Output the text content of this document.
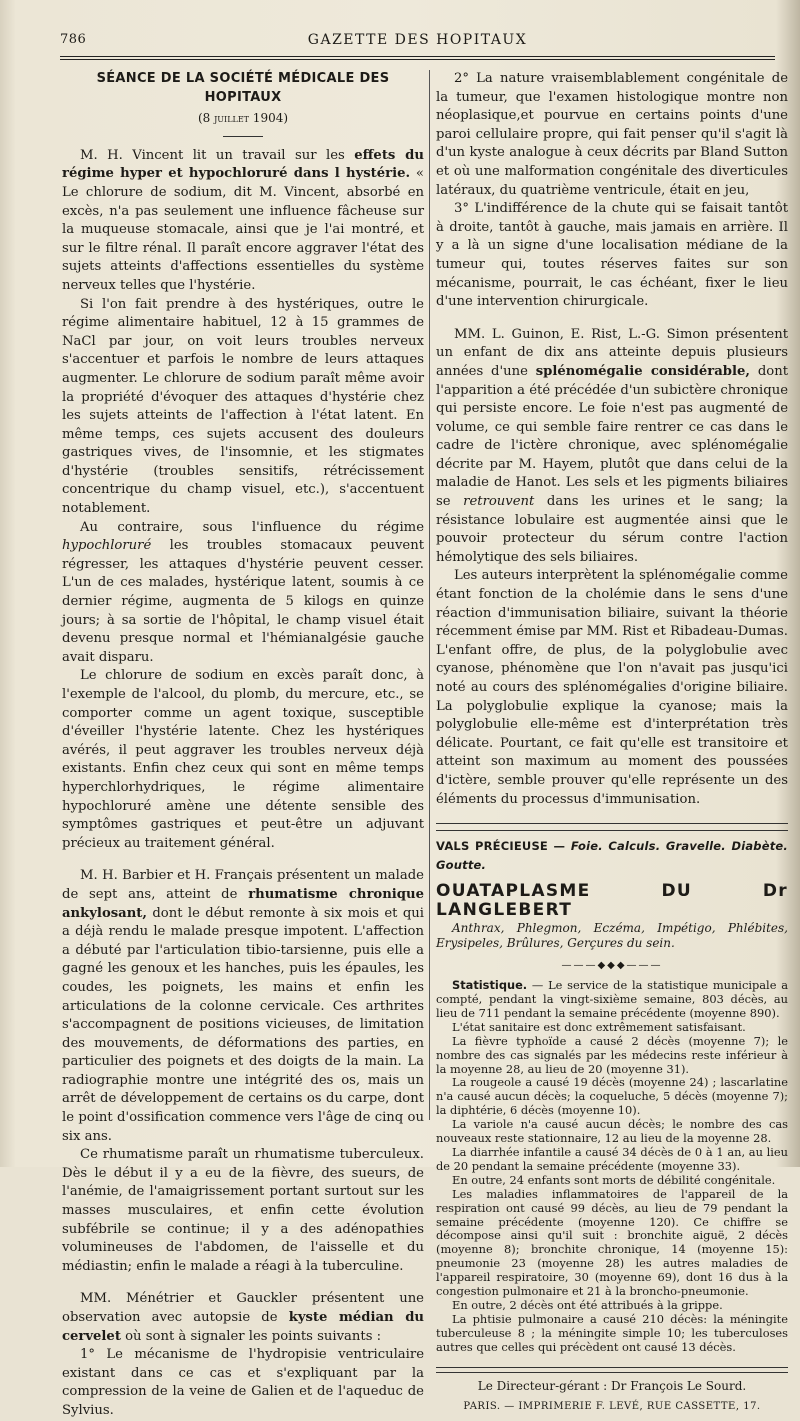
786	GAZETTE DES HOPITAUX
SÉANCE DE LA SOCIÉTÉ MÉDICALE DES HOPITAUX
(8 juillet 1904)

M. H. Vincent lit un travail sur les effets du régime hyper et hypochloruré dans l hystérie. « Le chlorure de sodium, dit M. Vincent, absorbé en excès, n'a pas seulement une influence fâcheuse sur la muqueuse stomacale, ainsi que je l'ai montré, et sur le filtre rénal. Il paraît encore aggraver l'état des sujets atteints d'affections essentielles du système nerveux telles que l'hystérie.

Si l'on fait prendre à des hystériques, outre le régime alimentaire habituel, 12 à 15 grammes de NaCl par jour, on voit leurs troubles nerveux s'accentuer et parfois le nombre de leurs attaques augmenter. Le chlorure de sodium paraît même avoir la propriété d'évoquer des attaques d'hystérie chez les sujets atteints de l'affection à l'état latent. En même temps, ces sujets accusent des douleurs gastriques vives, de l'insomnie, et les stigmates d'hystérie (troubles sensitifs, rétrécissement concentrique du champ visuel, etc.), s'accentuent notablement.

Au contraire, sous l'influence du régime hypochloruré les troubles stomacaux peuvent régresser, les attaques d'hystérie peuvent cesser. L'un de ces malades, hystérique latent, soumis à ce dernier régime, augmenta de 5 kilogs en quinze jours; à sa sortie de l'hôpital, le champ visuel était devenu presque normal et l'hémianalgésie gauche avait disparu.

Le chlorure de sodium en excès paraît donc, à l'exemple de l'alcool, du plomb, du mercure, etc., se comporter comme un agent toxique, susceptible d'éveiller l'hystérie latente. Chez les hystériques avérés, il peut aggraver les troubles nerveux déjà existants. Enfin chez ceux qui sont en même temps hyperchlorhydriques, le régime alimentaire hypochloruré amène une détente sensible des symptômes gastriques et peut-être un adjuvant précieux au traitement général.

M. H. Barbier et H. Français présentent un malade de sept ans, atteint de rhumatisme chronique ankylosant, dont le début remonte à six mois et qui a déjà rendu le malade presque impotent. L'affection a débuté par l'articulation tibio-tarsienne, puis elle a gagné les genoux et les hanches, puis les épaules, les coudes, les poignets, les mains et enfin les articulations de la colonne cervicale. Ces arthrites s'accompagnent de positions vicieuses, de limitation des mouvements, de déformations des parties, en particulier des poignets et des doigts de la main. La radiographie montre une intégrité des os, mais un arrêt de développement de certains os du carpe, dont le point d'ossification commence vers l'âge de cinq ou six ans.

Ce rhumatisme paraît un rhumatisme tuberculeux. Dès le début il y a eu de la fièvre, des sueurs, de l'anémie, de l'amaigrissement portant surtout sur les masses musculaires, et enfin cette évolution subfébrile se continue; il y a des adénopathies volumineuses de l'abdomen, de l'aisselle et du médiastin; enfin le malade a réagi à la tuberculine.

MM. Ménétrier et Gauckler présentent une observation avec autopsie de kyste médian du cervelet où sont à signaler les points suivants :

1° Le mécanisme de l'hydropisie ventriculaire existant dans ce cas et s'expliquant par la compression de la veine de Galien et de l'aqueduc de Sylvius.

2° La nature vraisemblablement congénitale de la tumeur, que l'examen histologique montre non néoplasique,et pourvue en certains points d'une paroi cellulaire propre, qui fait penser qu'il s'agit là d'un kyste analogue à ceux décrits par Bland Sutton et où une malformation congénitale des diverticules latéraux, du quatrième ventricule, était en jeu,

3° L'indifférence de la chute qui se faisait tantôt à droite, tantôt à gauche, mais jamais en arrière. Il y a là un signe d'une localisation médiane de la tumeur qui, toutes réserves faites sur son mécanisme, pourrait, le cas échéant, fixer le lieu d'une intervention chirurgicale.

MM. L. Guinon, E. Rist, L.-G. Simon présentent un enfant de dix ans atteinte depuis plusieurs années d'une splénomégalie considérable, dont l'apparition a été précédée d'un subictère chronique qui persiste encore. Le foie n'est pas augmenté de volume, ce qui semble faire rentrer ce cas dans le cadre de l'ictère chronique, avec splénomégalie décrite par M. Hayem, plutôt que dans celui de la maladie de Hanot. Les sels et les pigments biliaires se retrouvent dans les urines et le sang; la résistance lobulaire est augmentée ainsi que le pouvoir protecteur du sérum contre l'action hémolytique des sels biliaires.

Les auteurs interprètent la splénomégalie comme étant fonction de la cholémie dans le sens d'une réaction d'immunisation biliaire, suivant la théorie récemment émise par MM. Rist et Ribadeau-Dumas. L'enfant offre, de plus, de la polyglobulie avec cyanose, phénomène que l'on n'avait pas jusqu'ici noté au cours des splénomégalies d'origine biliaire. La polyglobulie explique la cyanose; mais la polyglobulie elle-même est d'interprétation très délicate. Pourtant, ce fait qu'elle est transitoire et atteint son maximum au moment des poussées d'ictère, semble prouver qu'elle représente un des éléments du processus d'immunisation.

VALS PRÉCIEUSE — Foie. Calculs. Gravelle. Diabète. Goutte.
OUATAPLASME DU Dr LANGLEBERT
Anthrax, Phlegmon, Eczéma, Impétigo, Phlébites, Erysipeles, Brûlures, Gerçures du sein.
———◆◆◆———

Statistique. — Le service de la statistique municipale a compté, pendant la vingt-sixième semaine, 803 décès, au lieu de 711 pendant la semaine précédente (moyenne 890).

L'état sanitaire est donc extrêmement satisfaisant.

La fièvre typhoïde a causé 2 décès (moyenne 7); le nombre des cas signalés par les médecins reste inférieur à la moyenne 28, au lieu de 20 (moyenne 31).

La rougeole a causé 19 décès (moyenne 24) ; lascarlatine n'a causé aucun décès; la coqueluche, 5 décès (moyenne 7); la diphtérie, 6 décès (moyenne 10).

La variole n'a causé aucun décès; le nombre des cas nouveaux reste stationnaire, 12 au lieu de la moyenne 28.

La diarrhée infantile a causé 34 décès de 0 à 1 an, au lieu de 20 pendant la semaine précédente (moyenne 33).

En outre, 24 enfants sont morts de débilité congénitale.

Les maladies inflammatoires de l'appareil de la respiration ont causé 99 décès, au lieu de 79 pendant la semaine précédente (moyenne 120). Ce chiffre se décompose ainsi qu'il suit : bronchite aiguë, 2 décès (moyenne 8); bronchite chronique, 14 (moyenne 15): pneumonie 23 (moyenne 28) les autres maladies de l'appareil respiratoire, 30 (moyenne 69), dont 16 dus à la congestion pulmonaire et 21 à la broncho-pneumonie.

En outre, 2 décès ont été attribués à la grippe.

La phtisie pulmonaire a causé 210 décès: la méningite tuberculeuse 8 ; la méningite simple 10; les tuberculoses autres que celles qui précèdent ont causé 13 décès.

Le Directeur-gérant : Dr François Le Sourd.
PARIS. — IMPRIMERIE F. LEVÉ, RUE CASSETTE, 17.
